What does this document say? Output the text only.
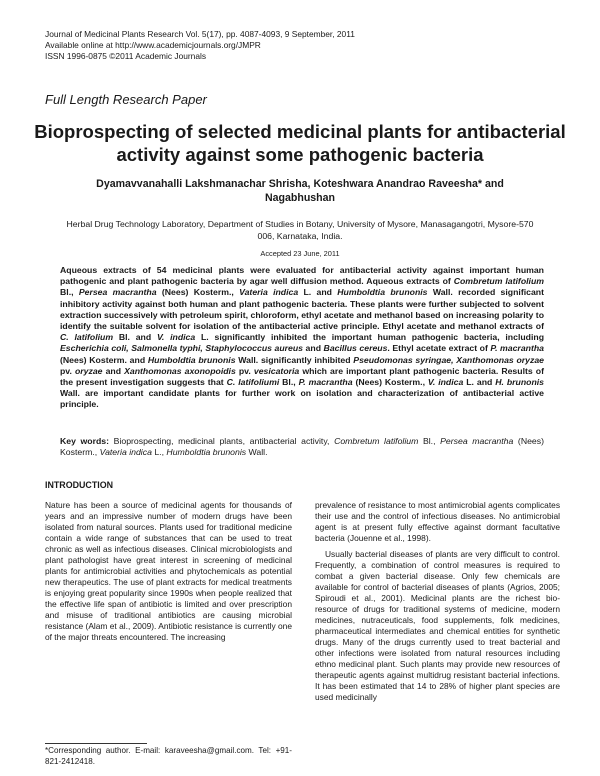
Journal of Medicinal Plants Research Vol. 5(17), pp. 4087-4093, 9 September, 2011
Available online at http://www.academicjournals.org/JMPR
ISSN 1996-0875 ©2011 Academic Journals
Full Length Research Paper
Bioprospecting of selected medicinal plants for antibacterial activity against some pathogenic bacteria
Dyamavvanahalli Lakshmanachar Shrisha, Koteshwara Anandrao Raveesha* and Nagabhushan
Herbal Drug Technology Laboratory, Department of Studies in Botany, University of Mysore, Manasagangotri, Mysore-570 006, Karnataka, India.
Accepted 23 June, 2011
Aqueous extracts of 54 medicinal plants were evaluated for antibacterial activity against important human pathogenic and plant pathogenic bacteria by agar well diffusion method. Aqueous extracts of Combretum latifolium Bl., Persea macrantha (Nees) Kosterm., Vateria indica L. and Humboldtia brunonis Wall. recorded significant inhibitory activity against both human and plant pathogenic bacteria. These plants were further subjected to solvent extraction successively with petroleum spirit, chloroform, ethyl acetate and methanol based on increasing polarity to identify the suitable solvent for isolation of the antibacterial active principle. Ethyl acetate and methanol extracts of C. latifolium Bl. and V. indica L. significantly inhibited the important human pathogenic bacteria, including Escherichia coli, Salmonella typhi, Staphylococcus aureus and Bacillus cereus. Ethyl acetate extract of P. macrantha (Nees) Kosterm. and Humboldtia brunonis Wall. significantly inhibited Pseudomonas syringae, Xanthomonas oryzae pv. oryzae and Xanthomonas axonopoidis pv. vesicatoria which are important plant pathogenic bacteria. Results of the present investigation suggests that C. latifoliumi Bl., P. macrantha (Nees) Kosterm., V. indica L. and H. brunonis Wall. are important candidate plants for further work on isolation and characterization of antibacterial active principle.
Key words: Bioprospecting, medicinal plants, antibacterial activity, Combretum latifolium Bl., Persea macrantha (Nees) Kosterm., Vateria indica L., Humboldtia brunonis Wall.
INTRODUCTION

Nature has been a source of medicinal agents for thousands of years and an impressive number of modern drugs have been isolated from natural sources. Plants used for traditional medicine contain a wide range of substances that can be used to treat chronic as well as infectious diseases. Clinical microbiologists and plant pathologist have great interest in screening of medicinal plants for antimicrobial activities and phytochemicals as potential new therapeutics. The use of plant extracts for medical treatments is enjoying great popularity since 1990s when people realized that the effective life span of antibiotic is limited and over prescription and misuse of traditional antibiotics are causing microbial resistance (Alam et al., 2009). Antibiotic resistance is currently one of the major threats encountered. The increasing

prevalence of resistance to most antimicrobial agents complicates their use and the control of infectious diseases. No antimicrobial agent is at present fully effective against dormant facultative bacteria (Jouenne et al., 1998).

Usually bacterial diseases of plants are very difficult to control. Frequently, a combination of control measures is required to combat a given bacterial disease. Only few chemicals are available for control of bacterial diseases of plants (Agrios, 2005; Spiroudi et al., 2001). Medicinal plants are the richest bio-resource of drugs for traditional systems of medicine, modern medicines, nutraceuticals, food supplements, folk medicines, pharmaceutical intermediates and chemical entities for synthetic drugs. Many of the drugs currently used to treat bacterial and other infections were isolated from natural resources including ethno medicinal plant. Such plants may provide new resources of therapeutic agents against multidrug resistant bacterial infections. It has been estimated that 14 to 28% of higher plant species are used medicinally

*Corresponding author. E-mail: karaveesha@gmail.com. Tel: +91-821-2412418.
